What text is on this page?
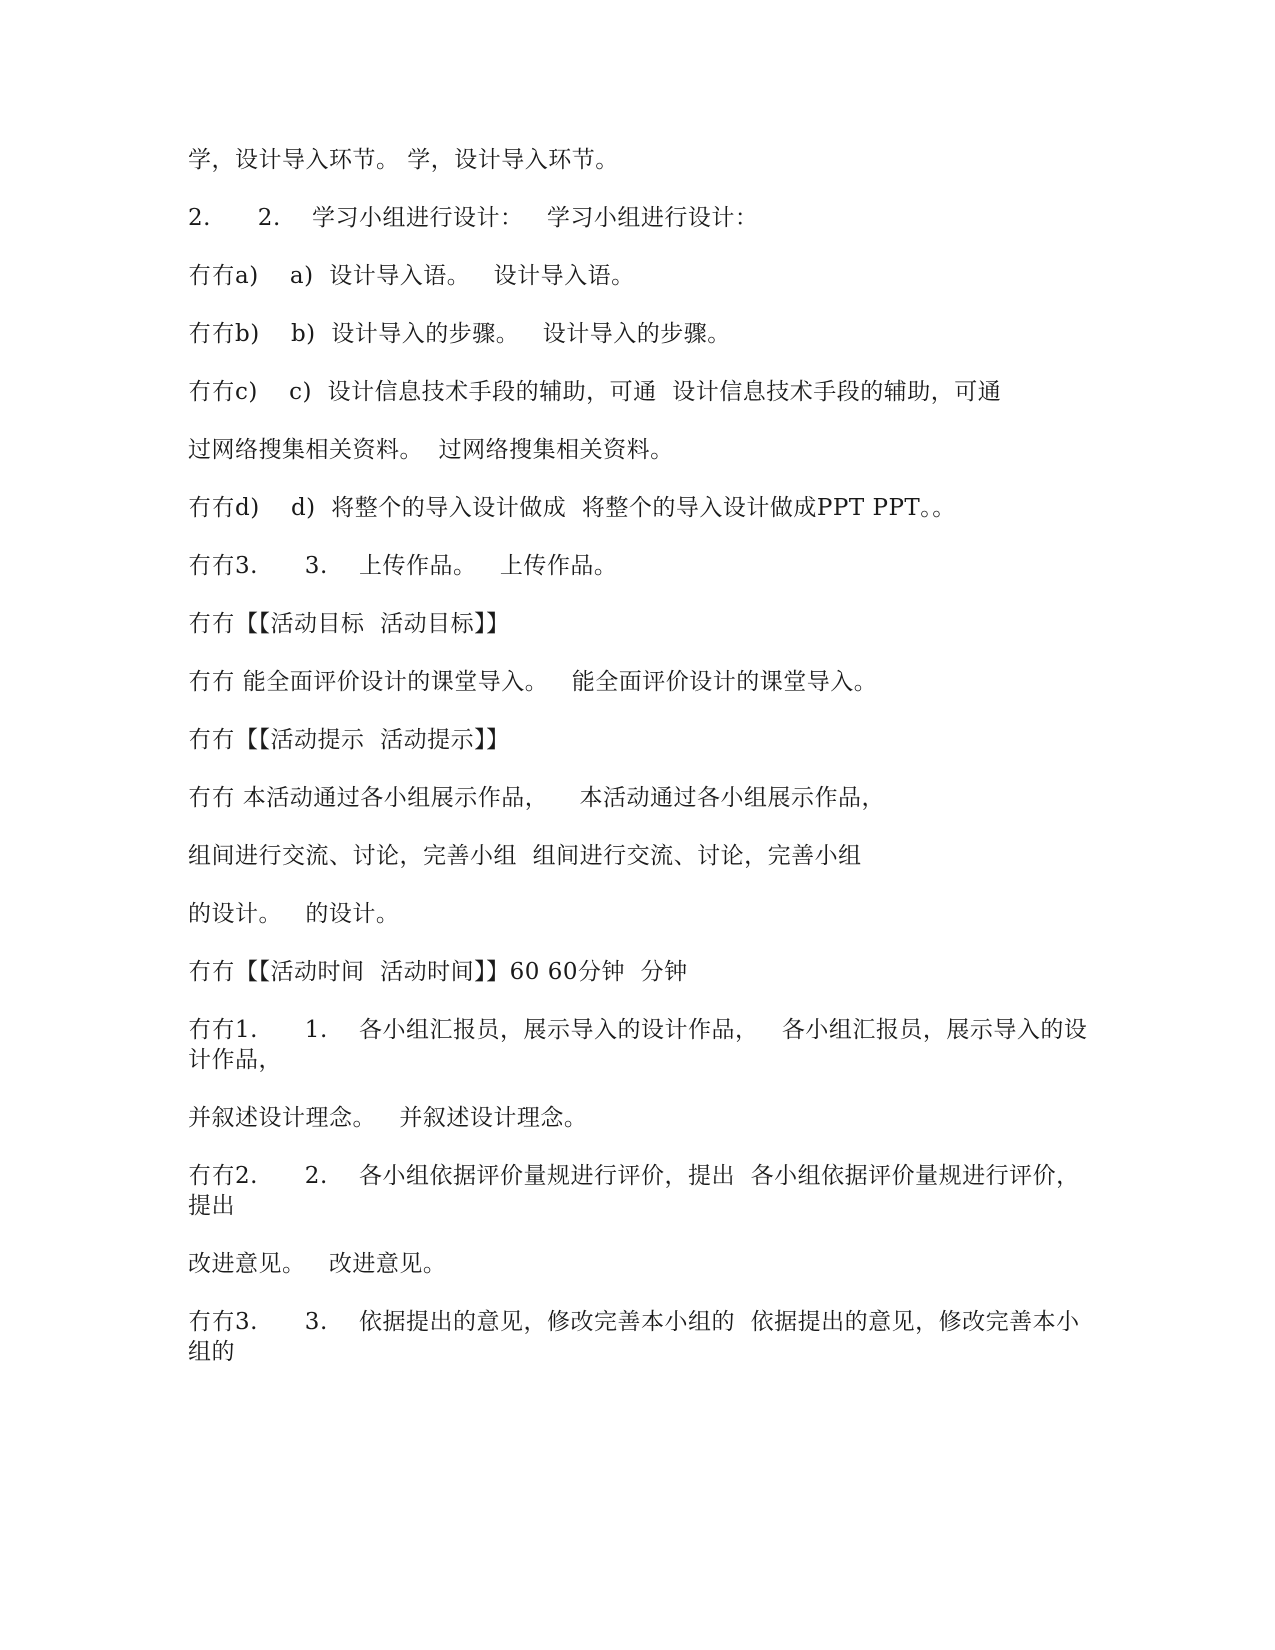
学，设计导入环节。 学，设计导入环节。
2.      2.    学习小组进行设计：   学习小组进行设计：
冇冇a)    a)  设计导入语。   设计导入语。
冇冇b)    b)  设计导入的步骤。   设计导入的步骤。
冇冇c)    c)  设计信息技术手段的辅助，可通  设计信息技术手段的辅助，可通
过网络搜集相关资料。  过网络搜集相关资料。
冇冇d)    d)  将整个的导入设计做成  将整个的导入设计做成PPT PPT。。
冇冇3.      3.    上传作品。   上传作品。
冇冇【【活动目标  活动目标】】
冇冇 能全面评价设计的课堂导入。   能全面评价设计的课堂导入。
冇冇【【活动提示  活动提示】】
冇冇 本活动通过各小组展示作品，    本活动通过各小组展示作品，
组间进行交流、讨论，完善小组  组间进行交流、讨论，完善小组
的设计。   的设计。
冇冇【【活动时间  活动时间】】60 60分钟  分钟
冇冇1.      1.    各小组汇报员，展示导入的设计作品，   各小组汇报员，展示导入的设计作品，
并叙述设计理念。   并叙述设计理念。
冇冇2.      2.    各小组依据评价量规进行评价，提出  各小组依据评价量规进行评价，提出
改进意见。   改进意见。
冇冇3.      3.    依据提出的意见，修改完善本小组的  依据提出的意见，修改完善本小组的
